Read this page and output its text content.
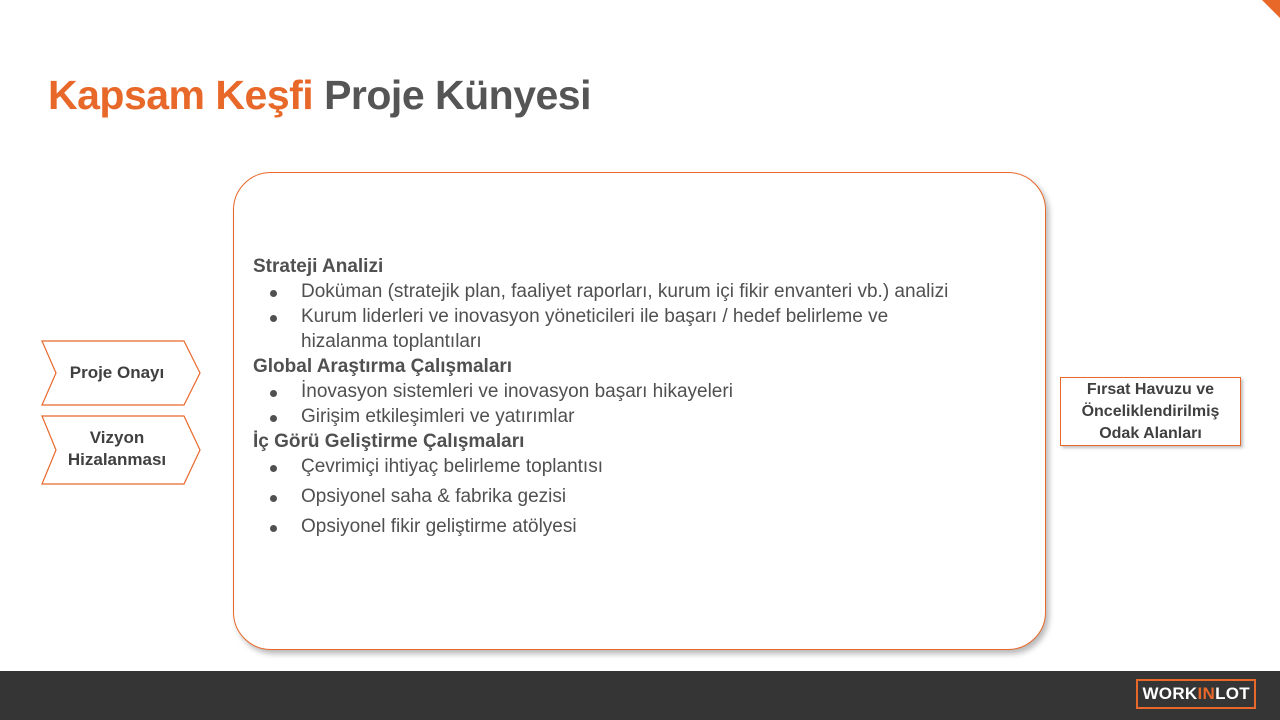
Kapsam Keşfi Proje Künyesi
Proje Onayı
Vizyon Hizalanması
Strateji Analizi
Doküman (stratejik plan, faaliyet raporları, kurum içi fikir envanteri vb.) analizi
Kurum liderleri ve inovasyon yöneticileri ile başarı / hedef belirleme ve hizalanma toplantıları
Global Araştırma Çalışmaları
İnovasyon sistemleri ve inovasyon başarı hikayeleri
Girişim etkileşimleri ve yatırımlar
İç Görü Geliştirme Çalışmaları
Çevrimiçi ihtiyaç belirleme toplantısı
Opsiyonel saha & fabrika gezisi
Opsiyonel fikir geliştirme atölyesi
Fırsat Havuzu ve
Önceliklendirilmiş
Odak Alanları
WORK IN LOT
